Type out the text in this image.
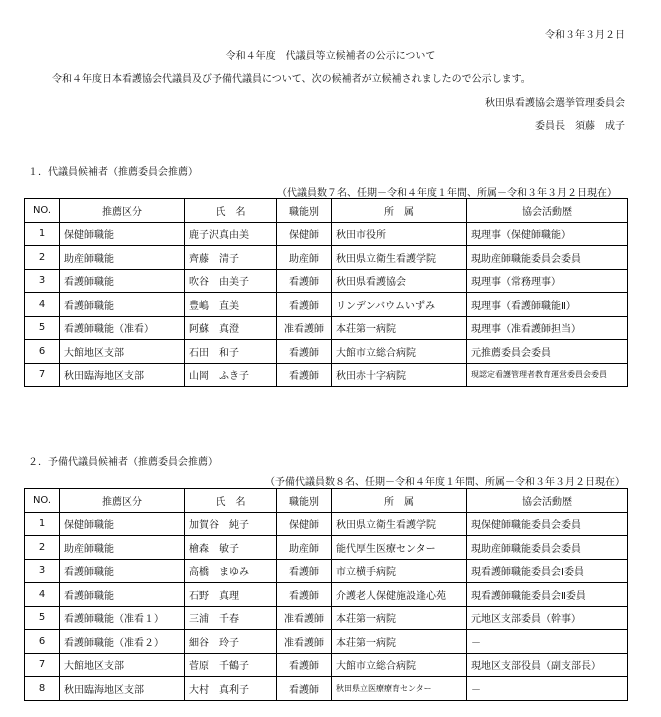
令和３年３月２日
令和４年度　代議員等立候補者の公示について
令和４年度日本看護協会代議員及び予備代議員について、次の候補者が立候補されましたので公示します。
秋田県看護協会選挙管理委員会
委員長　須藤　成子
１．代議員候補者（推薦委員会推薦）
（代議員数７名、任期－令和４年度１年間、所属－令和３年３月２日現在）
NO.	推薦区分	氏　名	職能別	所　属	協会活動歴
1	保健師職能	鹿子沢真由美	保健師	秋田市役所	現理事（保健師職能）
2	助産師職能	齊藤　清子	助産師	秋田県立衛生看護学院	現助産師職能委員会委員
3	看護師職能	吹谷　由美子	看護師	秋田県看護協会	現理事（常務理事）
4	看護師職能	豊嶋　直美	看護師	リンデンバウムいずみ	現理事（看護師職能Ⅱ）
5	看護師職能（准看）	阿蘇　真澄	准看護師	本荘第一病院	現理事（准看護師担当）
6	大館地区支部	石田　和子	看護師	大館市立総合病院	元推薦委員会委員
7	秋田臨海地区支部	山岡　ふき子	看護師	秋田赤十字病院	現認定看護管理者教育運営委員会委員
２．予備代議員候補者（推薦委員会推薦）
（予備代議員数８名、任期－令和４年度１年間、所属－令和３年３月２日現在）
NO.	推薦区分	氏　名	職能別	所　属	協会活動歴
1	保健師職能	加賀谷　純子	保健師	秋田県立衛生看護学院	現保健師職能委員会委員
2	助産師職能	檜森　敏子	助産師	能代厚生医療センター	現助産師職能委員会委員
3	看護師職能	高橋　まゆみ	看護師	市立横手病院	現看護師職能委員会Ⅰ委員
4	看護師職能	石野　真理	看護師	介護老人保健施設逢心苑	現看護師職能委員会Ⅱ委員
5	看護師職能（准看１）	三浦　千春	准看護師	本荘第一病院	元地区支部委員（幹事）
6	看護師職能（准看２）	細谷　玲子	准看護師	本荘第一病院	－
7	大館地区支部	菅原　千鶴子	看護師	大館市立総合病院	現地区支部役員（副支部長）
8	秋田臨海地区支部	大村　真利子	看護師	秋田県立医療療育センター	－
